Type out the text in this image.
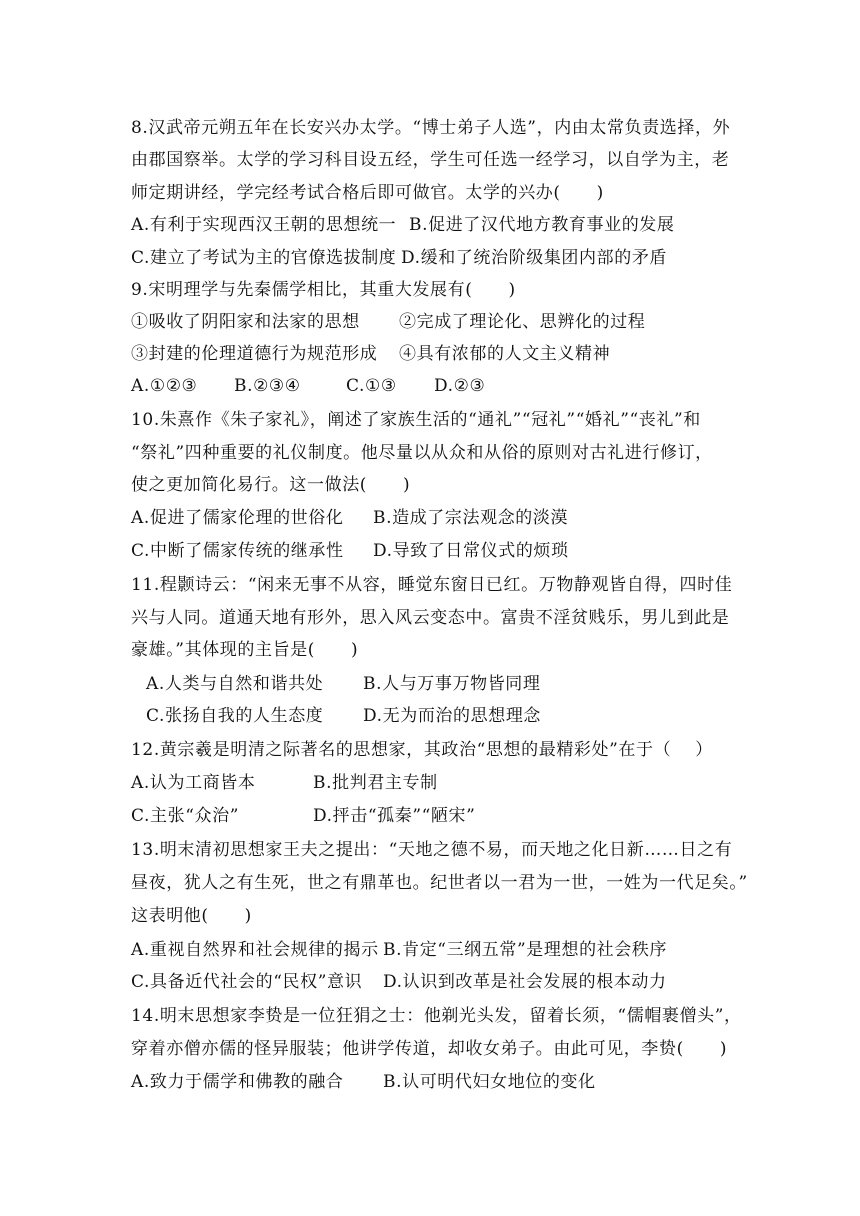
8.汉武帝元朔五年在长安兴办太学。“博士弟子人选”，内由太常负责选择，外
由郡国察举。太学的学习科目设五经，学生可任选一经学习，以自学为主，老
师定期讲经，学完经考试合格后即可做官。太学的兴办(      )

A.有利于实现西汉王朝的思想统一

B.促进了汉代地方教育事业的发展

C.建立了考试为主的官僚选拔制度

D.缓和了统治阶级集团内部的矛盾

9.宋明理学与先秦儒学相比，其重大发展有(      )

①吸收了阴阳家和法家的思想

②完成了理论化、思辨化的过程

③封建的伦理道德行为规范形成

④具有浓郁的人文主义精神

A.①②③

B.②③④

	C.①③

D.②③

10.朱熹作《朱子家礼》，阐述了家族生活的“通礼”“冠礼”“婚礼”“丧礼”和
“祭礼”四种重要的礼仪制度。他尽量以从众和从俗的原则对古礼进行修订，
使之更加简化易行。这一做法(      )

A.促进了儒家伦理的世俗化

B.造成了宗法观念的淡漠

C.中断了儒家传统的继承性

D.导致了日常仪式的烦琐

11.程颢诗云：“闲来无事不从容，睡觉东窗日已红。万物静观皆自得，四时佳
兴与人同。道通天地有形外，思入风云变态中。富贵不淫贫贱乐，男儿到此是
豪雄。”其体现的主旨是(      )

A.人类与自然和谐共处

B.人与万事万物皆同理

C.张扬自我的人生态度

D.无为而治的思想理念

12.黄宗羲是明清之际著名的思想家，其政治“思想的最精彩处”在于（    ）

A.认为工商皆本

	B.批判君主专制

C.主张“众治”

	D.抨击“孤秦”“陋宋”

13.明末清初思想家王夫之提出：“天地之德不易，而天地之化日新……日之有
昼夜，犹人之有生死，世之有鼎革也。纪世者以一君为一世，一姓为一代足矣。”
这表明他(      )

A.重视自然界和社会规律的揭示

B.肯定“三纲五常”是理想的社会秩序

C.具备近代社会的“民权”意识

D.认识到改革是社会发展的根本动力

14.明末思想家李贽是一位狂狷之士：他剃光头发，留着长须，“儒帽裹僧头”，
穿着亦僧亦儒的怪异服装；他讲学传道，却收女弟子。由此可见，李贽(      )

A.致力于儒学和佛教的融合

B.认可明代妇女地位的变化
